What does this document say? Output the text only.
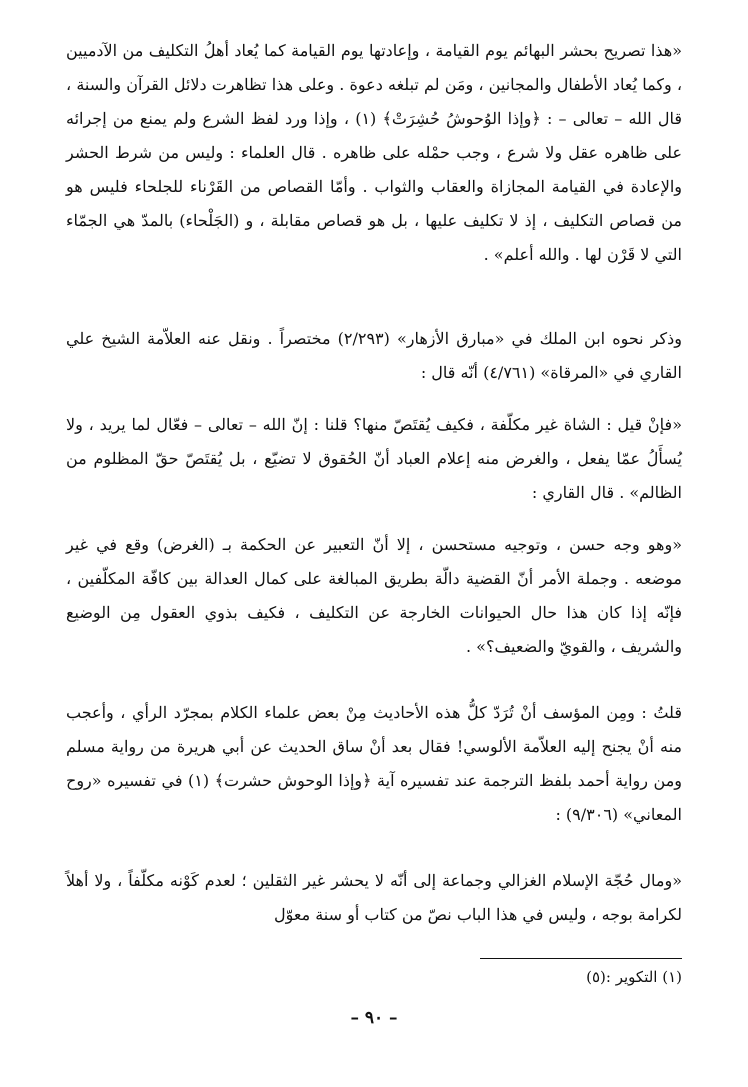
«هذا تصريح بحشر البهائم يوم القيامة ، وإعادتها يوم القيامة كما يُعاد أهلُ التكليف من الآدميين ، وكما يُعاد الأطفال والمجانين ، ومَن لم تبلغه دعوة . وعلى هذا تظاهرت دلائل القرآن والسنة ، قال الله – تعالى – : ﴿وإذا الوُحوشُ حُشِرَتْ﴾ (١) ، وإذا ورد لفظ الشرع ولم يمنع من إجرائه على ظاهره عقل ولا شرع ، وجب حمْله على ظاهره . قال العلماء : وليس من شرط الحشر والإعادة في القيامة المجازاة والعقاب والثواب . وأمّا القصاص من القَرْناء للجلحاء فليس هو من قصاص التكليف ، إذ لا تكليف عليها ، بل هو قصاص مقابلة ، و (الجَلْحاء) بالمدّ هي الجمّاء التي لا قَرْن لها . والله أعلم» .

وذكر نحوه ابن الملك في «مبارق الأزهار» (٢/٢٩٣) مختصراً . ونقل عنه العلاّمة الشيخ علي القاري في «المرقاة» (٤/٧٦١) أنّه قال :

«فإنْ قيل : الشاة غير مكلّفة ، فكيف يُقتَصّ منها؟ قلنا : إنّ الله – تعالى – فعّال لما يريد ، ولا يُسأَلُ عمّا يفعل ، والغرض منه إعلام العباد أنّ الحُقوق لا تضيّع ، بل يُقتَصّ حقّ المظلوم من الظالم» . قال القاري :

«وهو وجه حسن ، وتوجيه مستحسن ، إلا أنّ التعبير عن الحكمة بـ (الغرض) وقع في غير موضعه . وجملة الأمر أنّ القضية دالّة بطريق المبالغة على كمال العدالة بين كافّة المكلّفين ، فإنّه إذا كان هذا حال الحيوانات الخارجة عن التكليف ، فكيف بذوي العقول مِن الوضيع والشريف ، والقويّ والضعيف؟» .

قلتُ : ومِن المؤسف أنْ تُرَدّ كلُّ هذه الأحاديث مِنْ بعض علماء الكلام بمجرّد الرأي ، وأعجب منه أنْ يجنح إليه العلاّمة الألوسي! فقال بعد أنْ ساق الحديث عن أبي هريرة من رواية مسلم ومن رواية أحمد بلفظ الترجمة عند تفسيره آية ﴿وإذا الوحوش حشرت﴾ (١) في تفسيره «روح المعاني» (٩/٣٠٦) :

«ومال حُجّة الإسلام الغزالي وجماعة إلى أنّه لا يحشر غير الثقلين ؛ لعدم كَوْنه مكلّفاً ، ولا أهلاً لكرامة بوجه ، وليس في هذا الباب نصّ من كتاب أو سنة معوّل

(١) التكوير :(٥)

– ٩٠ –
